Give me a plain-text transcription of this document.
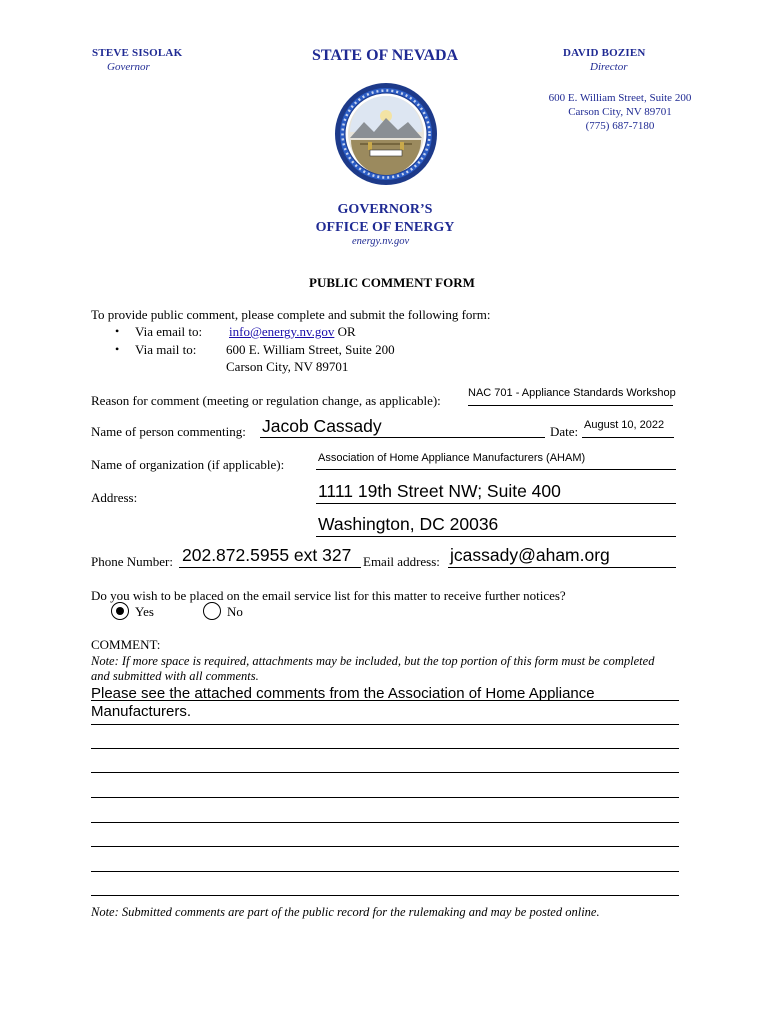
STEVE SISOLAK
Governor
STATE OF NEVADA	DAVID BOZIEN
Director
600 E. William Street, Suite 200
Carson City, NV 89701
(775) 687-7180
GOVERNOR’S
OFFICE OF ENERGY
energy.nv.gov
PUBLIC COMMENT FORM
To provide public comment, please complete and submit the following form:
• Via email to: info@energy.nv.gov OR
• Via mail to: 600 E. William Street, Suite 200
Carson City, NV 89701
Reason for comment (meeting or regulation change, as applicable): NAC 701 - Appliance Standards Workshop
Name of person commenting: Jacob Cassady	Date: August 10, 2022
Name of organization (if applicable):	Association of Home Appliance Manufacturers (AHAM)
Address:	1111 19th Street NW; Suite 400
Washington, DC 20036
Phone Number: 202.872.5955 ext 327 Email address: jcassady@aham.org
Do you wish to be placed on the email service list for this matter to receive further notices?
Yes	No
COMMENT:
Note: If more space is required, attachments may be included, but the top portion of this form must be completed and submitted with all comments.
Please see the attached comments from the Association of Home Appliance
Manufacturers.
Note: Submitted comments are part of the public record for the rulemaking and may be posted online.
